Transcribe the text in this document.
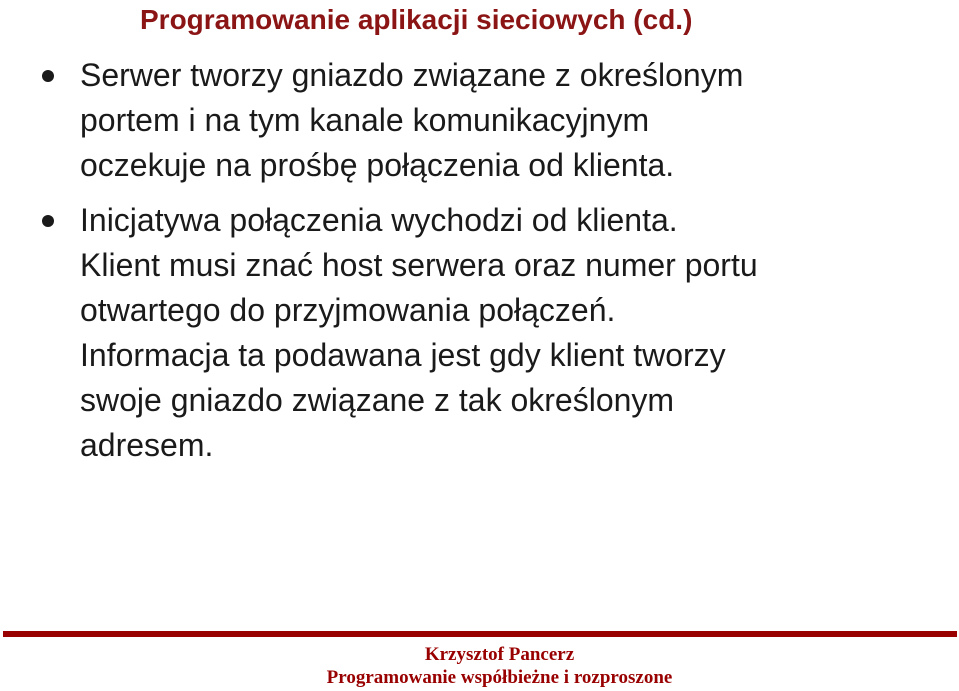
Programowanie aplikacji sieciowych (cd.)
Serwer tworzy gniazdo związane z określonym
portem i na tym kanale komunikacyjnym
oczekuje na prośbę połączenia od klienta.
Inicjatywa połączenia wychodzi od klienta.
Klient musi znać host serwera oraz numer portu
otwartego do przyjmowania połączeń.
Informacja ta podawana jest gdy klient tworzy
swoje gniazdo związane z tak określonym
adresem.

Krzysztof Pancerz

Programowanie współbieżne i rozproszone
